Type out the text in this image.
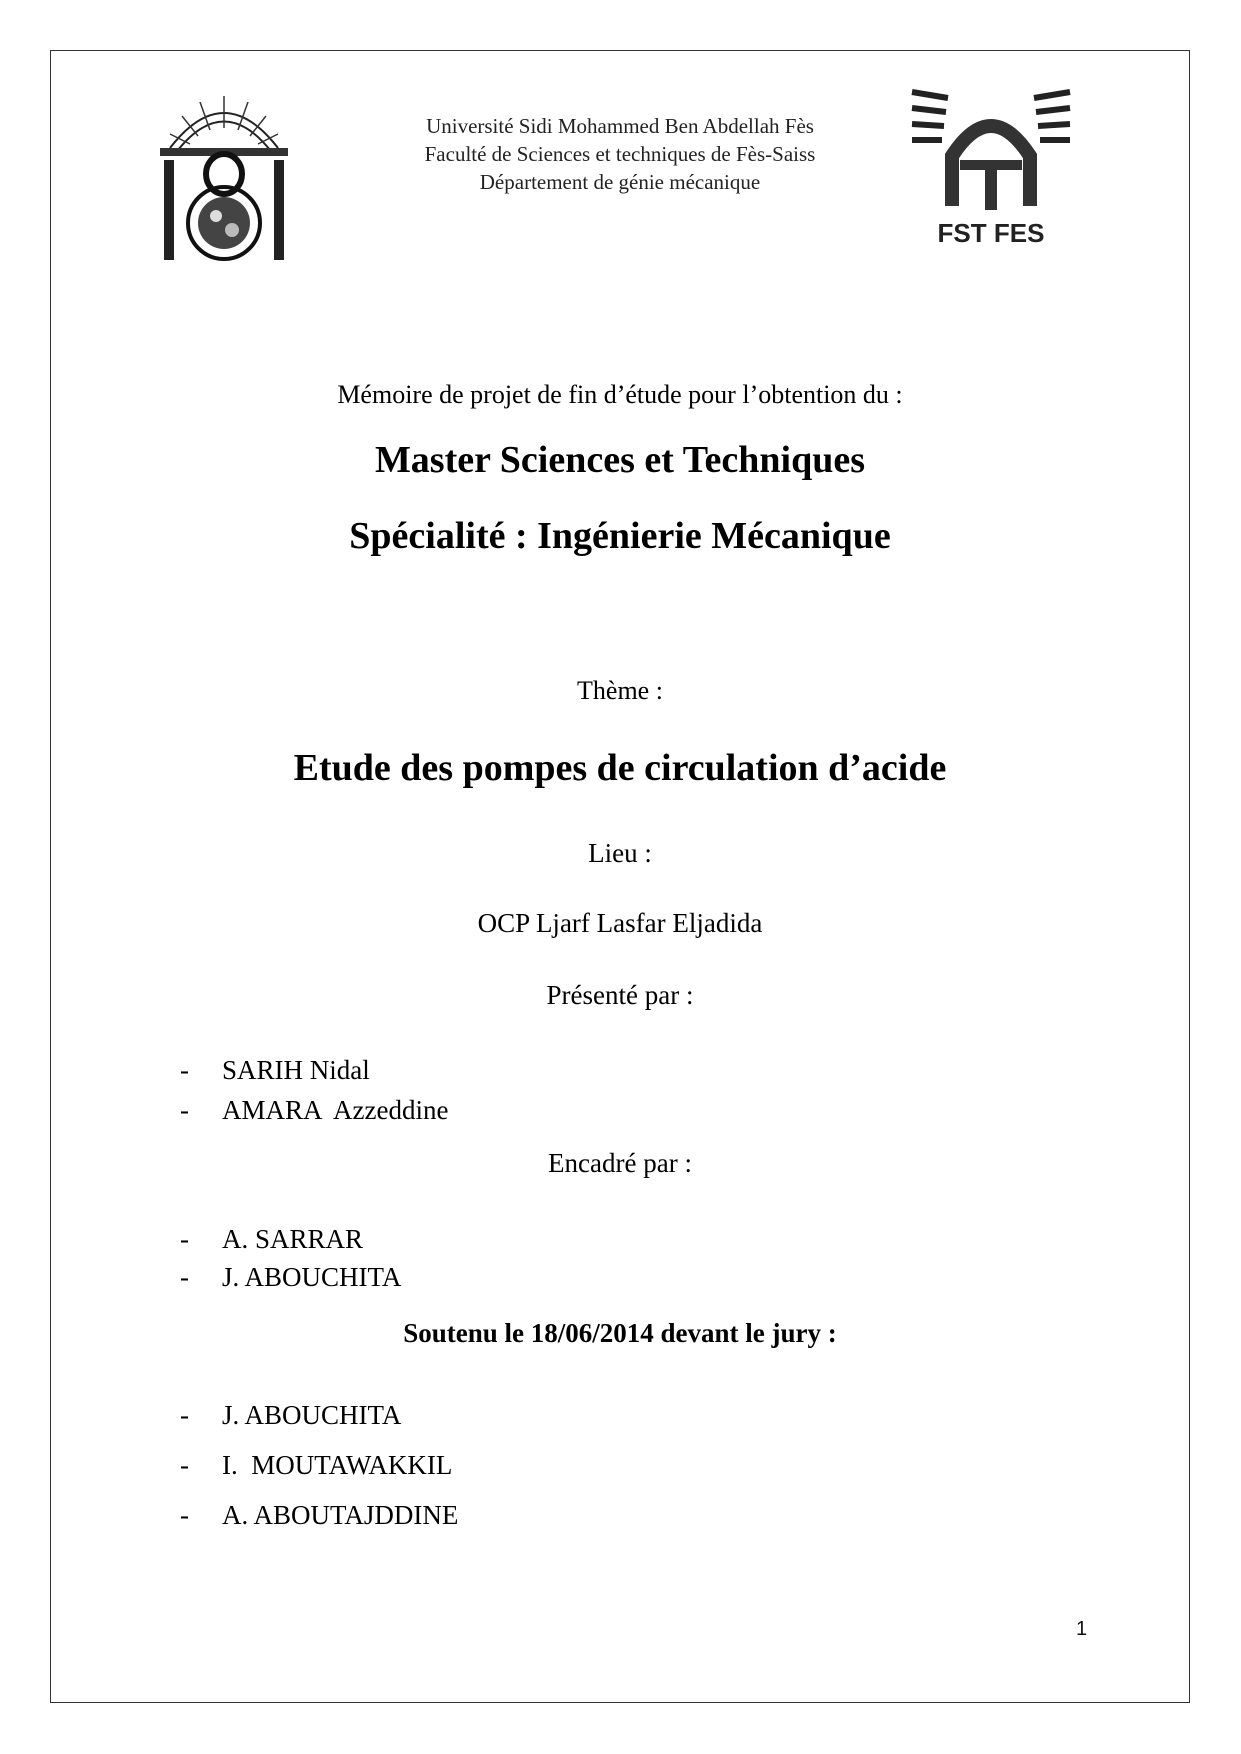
Université Sidi Mohammed Ben Abdellah Fès
Faculté de Sciences et techniques de Fès-Saiss
Département de génie mécanique
FST FES
Mémoire de projet de fin d’étude pour l’obtention du :
Master Sciences et Techniques
Spécialité : Ingénierie Mécanique
Thème :
Etude des pompes de circulation d’acide
Lieu :
OCP Ljarf Lasfar Eljadida
Présenté par :
-	SARIH Nidal
-	AMARA  Azzeddine
Encadré par :
-	A. SARRAR
-	J. ABOUCHITA
Soutenu le 18/06/2014 devant le jury :
-	J. ABOUCHITA
-	I.  MOUTAWAKKIL
-	A. ABOUTAJDDINE
1
